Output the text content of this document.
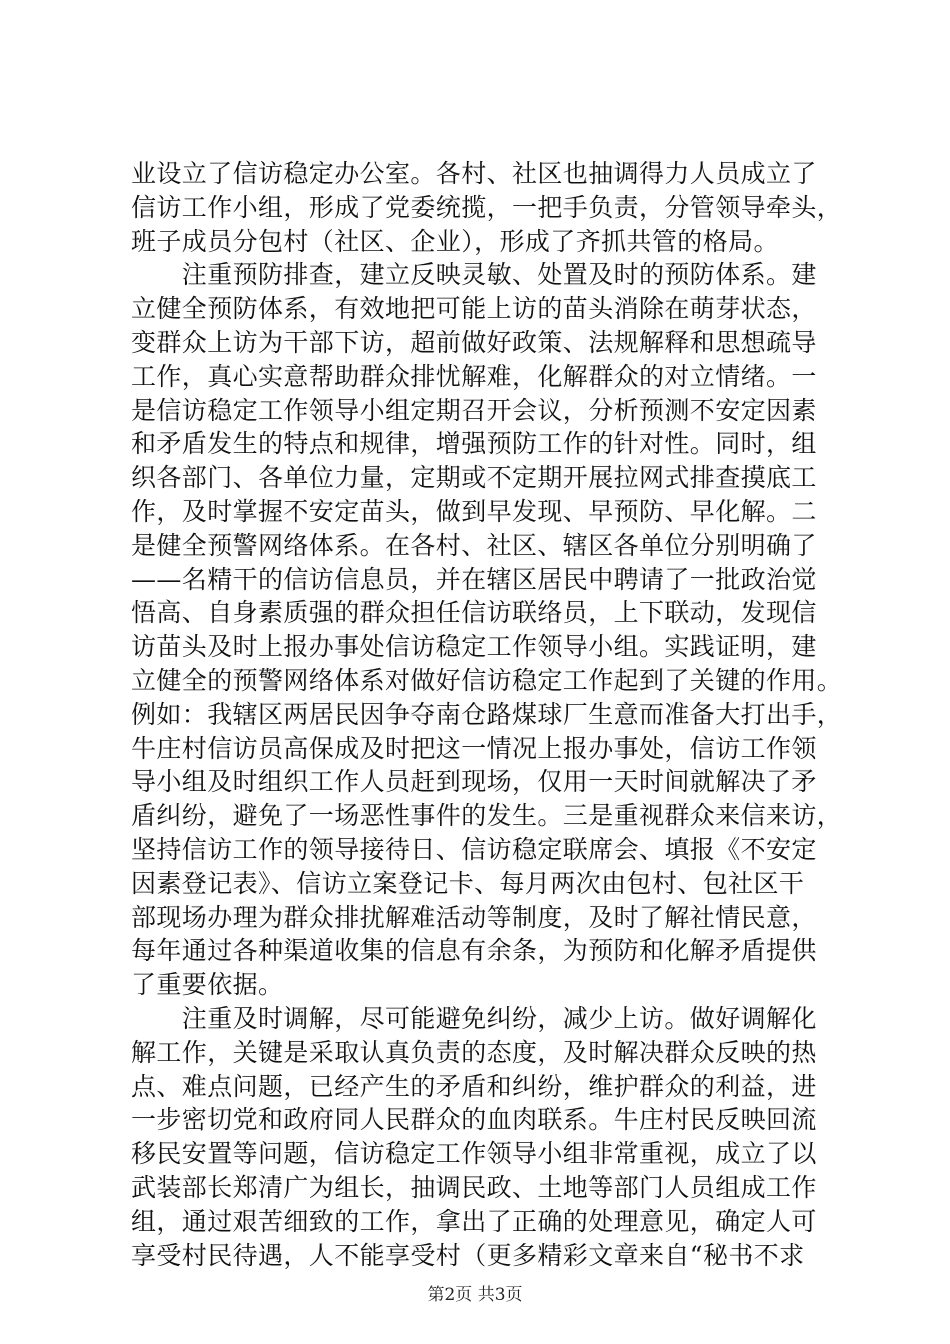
业设立了信访稳定办公室。各村、社区也抽调得力人员成立了
信访工作小组，形成了党委统揽，一把手负责，分管领导牵头，
班子成员分包村（社区、企业），形成了齐抓共管的格局。
　　注重预防排查，建立反映灵敏、处置及时的预防体系。建
立健全预防体系，有效地把可能上访的苗头消除在萌芽状态，
变群众上访为干部下访，超前做好政策、法规解释和思想疏导
工作，真心实意帮助群众排忧解难，化解群众的对立情绪。一
是信访稳定工作领导小组定期召开会议，分析预测不安定因素
和矛盾发生的特点和规律，增强预防工作的针对性。同时，组
织各部门、各单位力量，定期或不定期开展拉网式排查摸底工
作，及时掌握不安定苗头，做到早发现、早预防、早化解。二
是健全预警网络体系。在各村、社区、辖区各单位分别明确了
——名精干的信访信息员，并在辖区居民中聘请了一批政治觉
悟高、自身素质强的群众担任信访联络员，上下联动，发现信
访苗头及时上报办事处信访稳定工作领导小组。实践证明，建
立健全的预警网络体系对做好信访稳定工作起到了关键的作用。
例如：我辖区两居民因争夺南仓路煤球厂生意而准备大打出手，
牛庄村信访员高保成及时把这一情况上报办事处，信访工作领
导小组及时组织工作人员赶到现场，仅用一天时间就解决了矛
盾纠纷，避免了一场恶性事件的发生。三是重视群众来信来访，
坚持信访工作的领导接待日、信访稳定联席会、填报《不安定
因素登记表》、信访立案登记卡、每月两次由包村、包社区干
部现场办理为群众排扰解难活动等制度，及时了解社情民意，
每年通过各种渠道收集的信息有余条，为预防和化解矛盾提供
了重要依据。
　　注重及时调解，尽可能避免纠纷，减少上访。做好调解化
解工作，关键是采取认真负责的态度，及时解决群众反映的热
点、难点问题，已经产生的矛盾和纠纷，维护群众的利益，进
一步密切党和政府同人民群众的血肉联系。牛庄村民反映回流
移民安置等问题，信访稳定工作领导小组非常重视，成立了以
武装部长郑清广为组长，抽调民政、土地等部门人员组成工作
组，通过艰苦细致的工作，拿出了正确的处理意见，确定人可
享受村民待遇，人不能享受村（更多精彩文章来自“秘书不求
第2页 共3页
